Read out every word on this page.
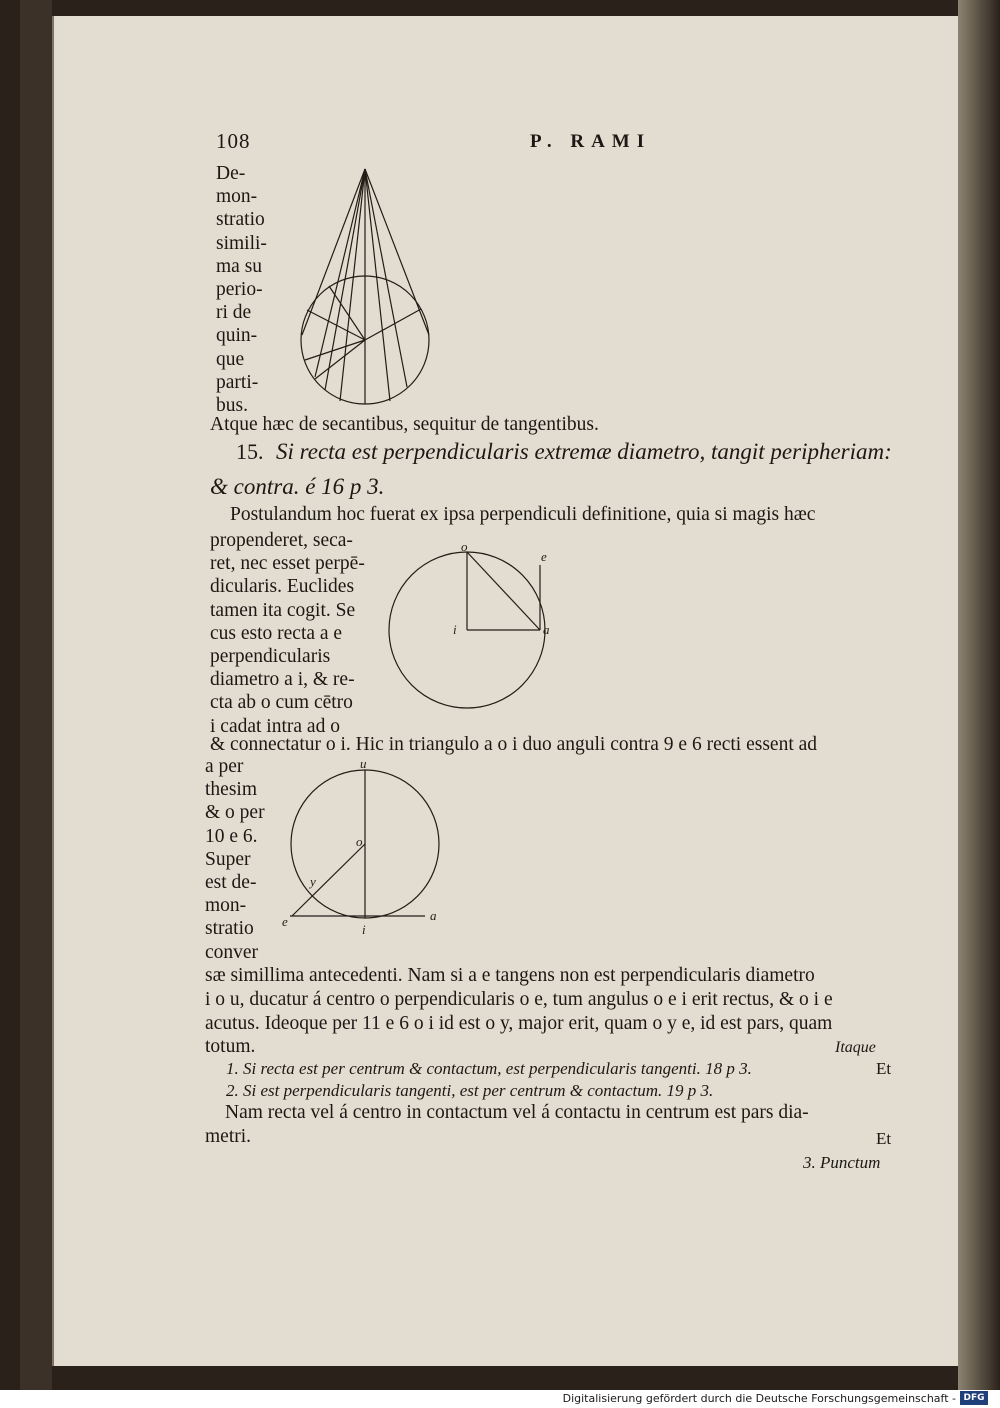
108	P. RAMI
De-
mon-
stratio
simili-
ma su
perio-
ri de
quin-
que
parti-
bus.
Atque hæc de secantibus, sequitur de tangentibus.
15. Si recta est perpendicularis extremæ diametro, tangit peripheriam:
& contra. é 16 p 3.
Postulandum hoc fuerat ex ipsa perpendiculi definitione, quia si magis hæc
propenderet, seca-
ret, nec esset perpē-
dicularis. Euclides
tamen ita cogit. Se
cus esto recta a e
perpendicularis
diametro a i, & re-
cta ab o cum cētro
i cadat intra ad o
o
e
i	a
& connectatur o i. Hic in triangulo a o i duo anguli contra 9 e 6 recti essent ad
a per
thesim
& o per
10 e 6.
Super
est de-
mon-
stratio
conver
u
o
y
e	a
i
sæ simillima antecedenti. Nam si a e tangens non est perpendicularis diametro
i o u, ducatur á centro o perpendicularis o e, tum angulus o e i erit rectus, & o i e
acutus. Ideoque per 11 e 6 o i id est o y, major erit, quam o y e, id est pars, quam
totum.	Itaque
1. Si recta est per centrum & contactum, est perpendicularis tangenti. 18 p 3.	Et
2. Si est perpendicularis tangenti, est per centrum & contactum. 19 p 3.
Nam recta vel á centro in contactum vel á contactu in centrum est pars dia-
metri.	Et
3. Punctum
Digitalisierung gefördert durch die Deutsche Forschungsgemeinschaft - DFG
